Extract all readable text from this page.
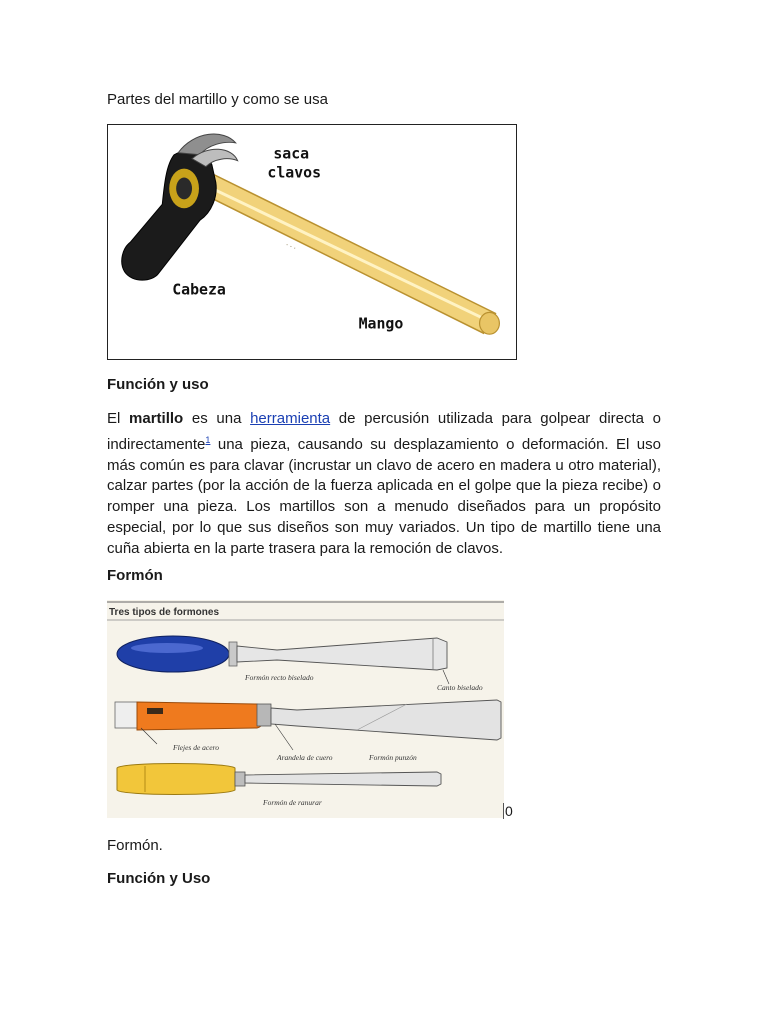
Partes del martillo y como se usa

· · ·
saca
clavos
Cabeza
Mango
Función y uso

El martillo es una herramienta de percusión utilizada para golpear directa o indirectamente$^1$ una pieza, causando su desplazamiento o deformación. El uso más común es para clavar (incrustar un clavo de acero en madera u otro material), calzar partes (por la acción de la fuerza aplicada en el golpe que la pieza recibe) o romper una pieza. Los martillos son a menudo diseñados para un propósito especial, por lo que sus diseños son muy variados. Un tipo de martillo tiene una cuña abierta en la parte trasera para la remoción de clavos.

Formón
Tres tipos de formones
Formón recto biselado
Canto biselado
Flejes de acero
Arandela de cuero	Formón punzón
Formón de ranurar
0

Formón.

Función y Uso
